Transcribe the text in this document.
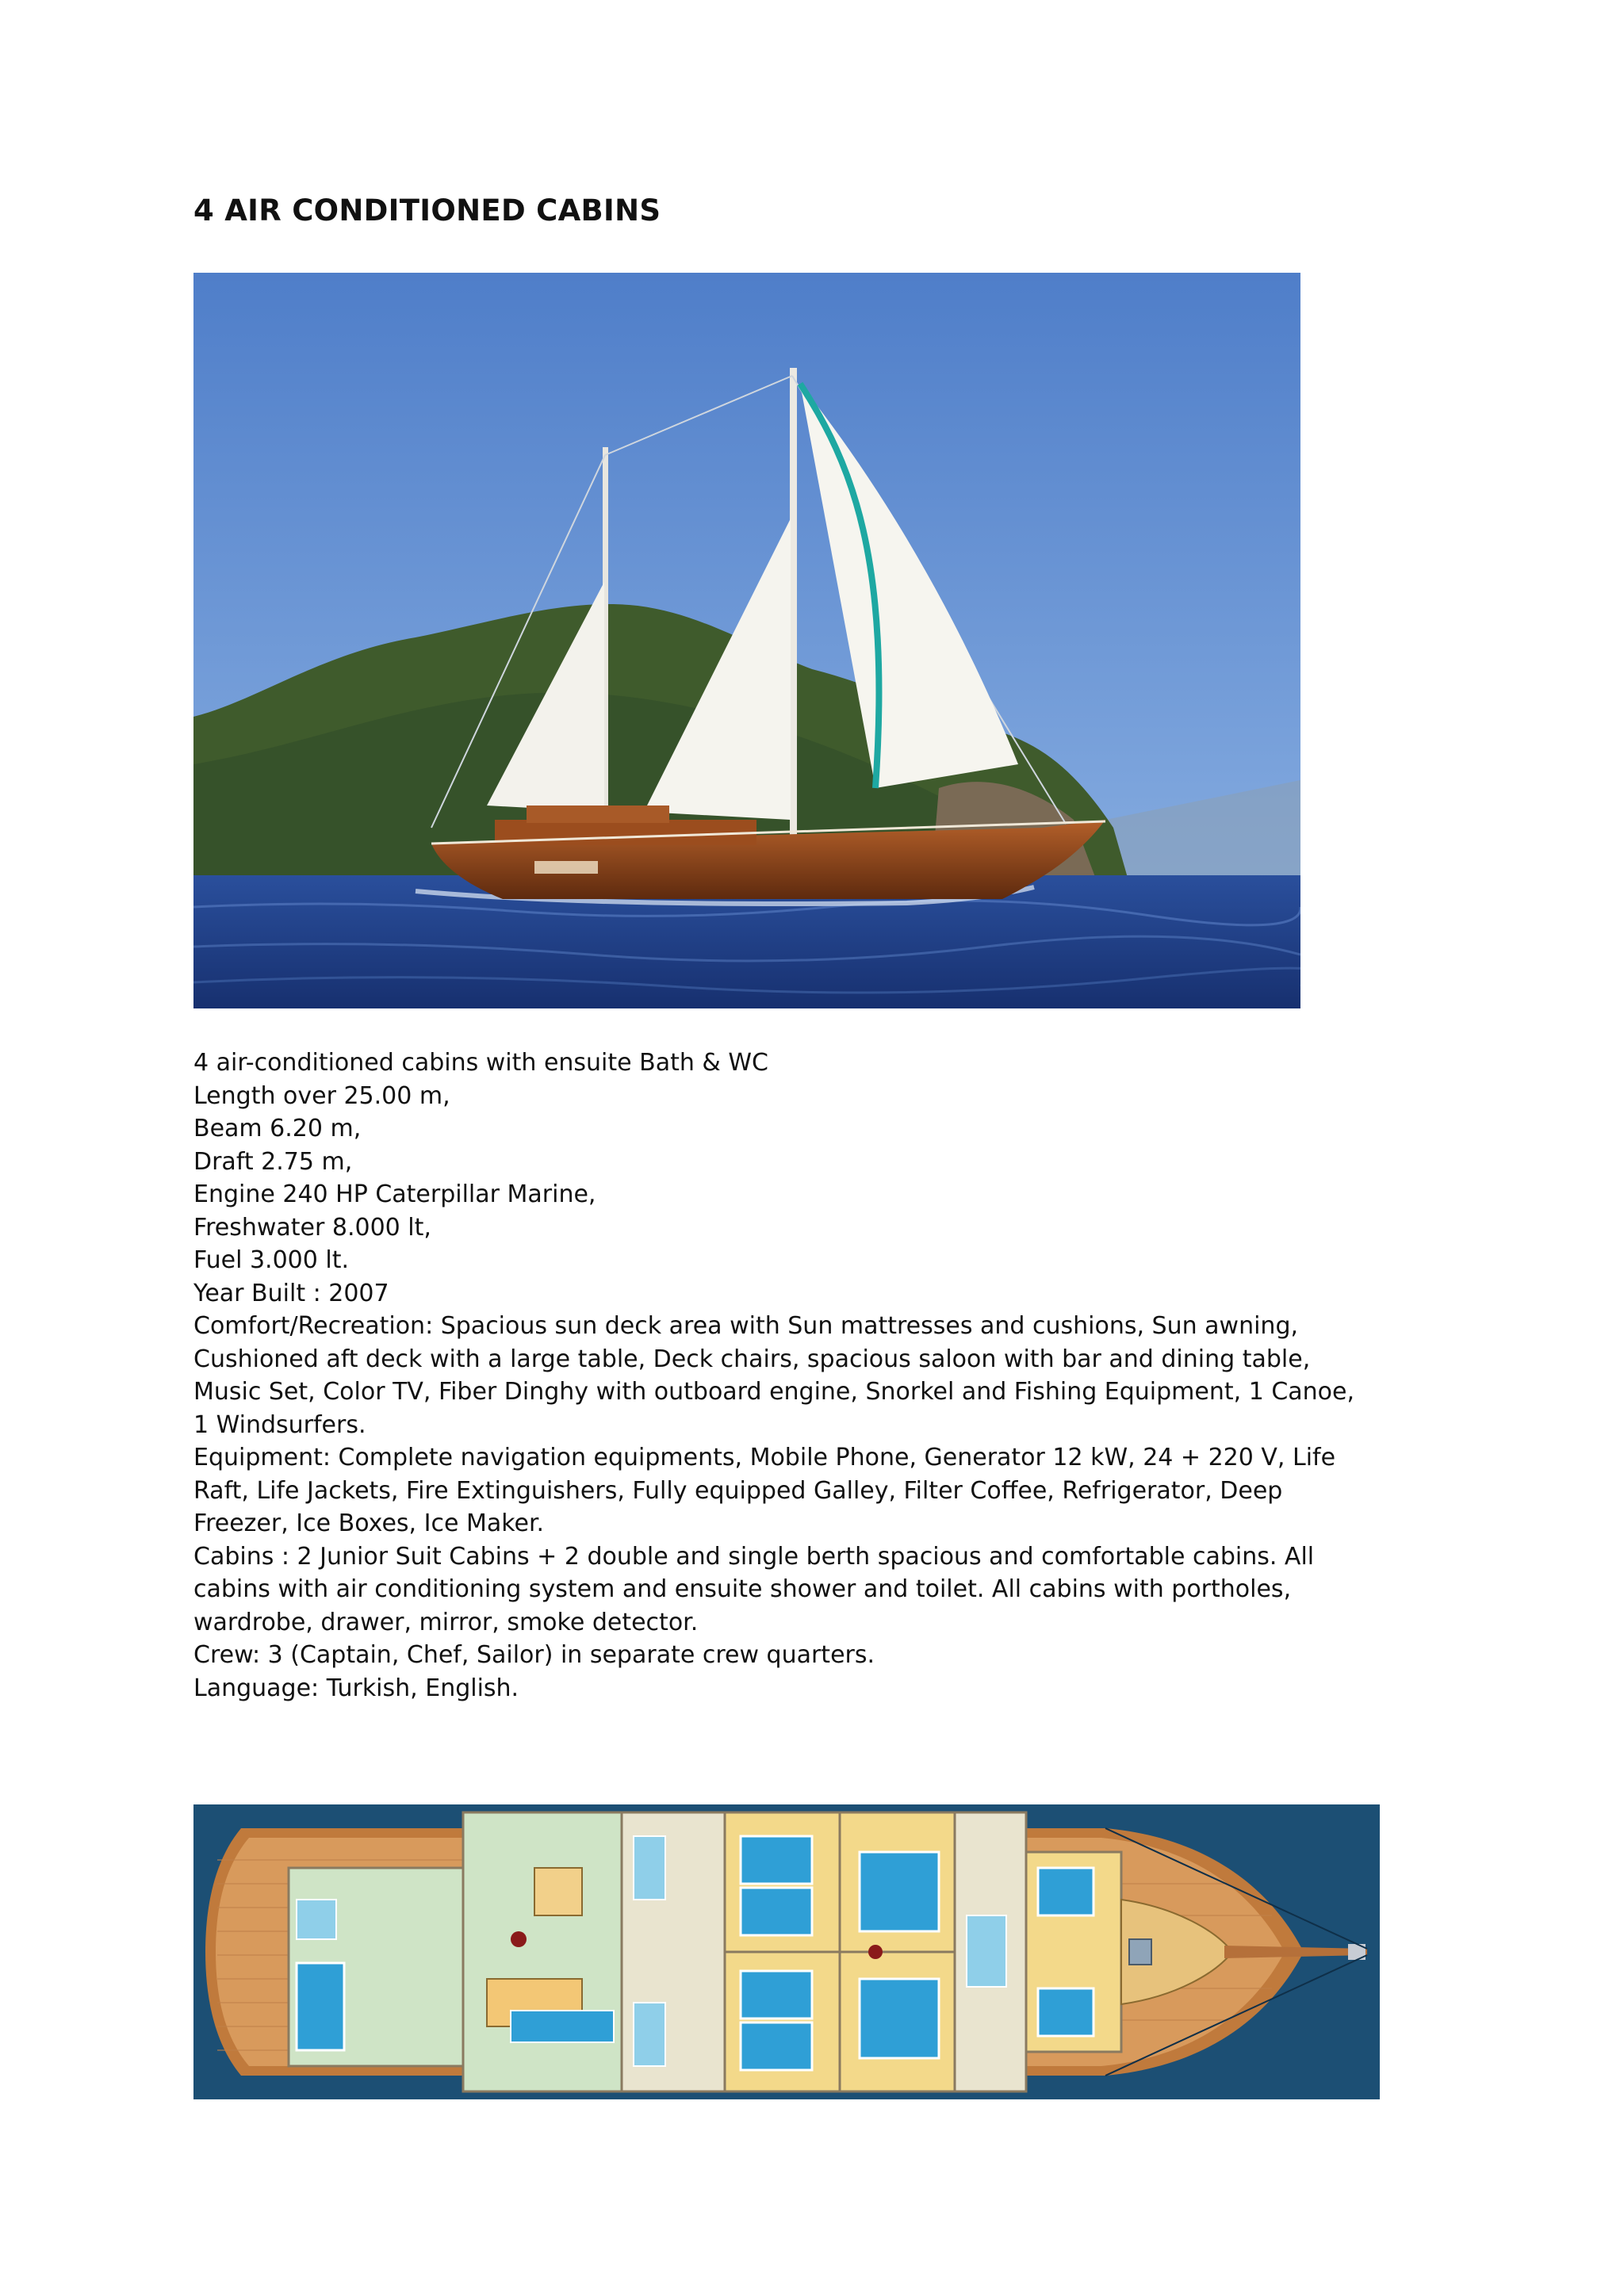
4 AIR CONDITIONED CABINS

4 air-conditioned cabins with ensuite Bath & WC

Length over 25.00 m,

Beam 6.20 m,

Draft 2.75 m,

Engine 240 HP Caterpillar Marine,

Freshwater 8.000 lt,

Fuel 3.000 lt.

Year Built : 2007

Comfort/Recreation: Spacious sun deck area with Sun mattresses and cushions, Sun awning, Cushioned aft deck with a large table, Deck chairs, spacious saloon with bar and dining table, Music Set, Color TV, Fiber Dinghy with outboard engine, Snorkel and Fishing Equipment, 1 Canoe, 1 Windsurfers.

Equipment: Complete navigation equipments, Mobile Phone, Generator 12 kW, 24 + 220 V, Life Raft, Life Jackets, Fire Extinguishers, Fully equipped Galley, Filter Coffee, Refrigerator, Deep Freezer, Ice Boxes, Ice Maker.

Cabins : 2 Junior Suit Cabins + 2 double and single berth spacious and comfortable cabins. All cabins with air conditioning system and ensuite shower and toilet. All cabins with portholes, wardrobe, drawer, mirror, smoke detector.

Crew: 3 (Captain, Chef, Sailor) in separate crew quarters.

Language: Turkish, English.
